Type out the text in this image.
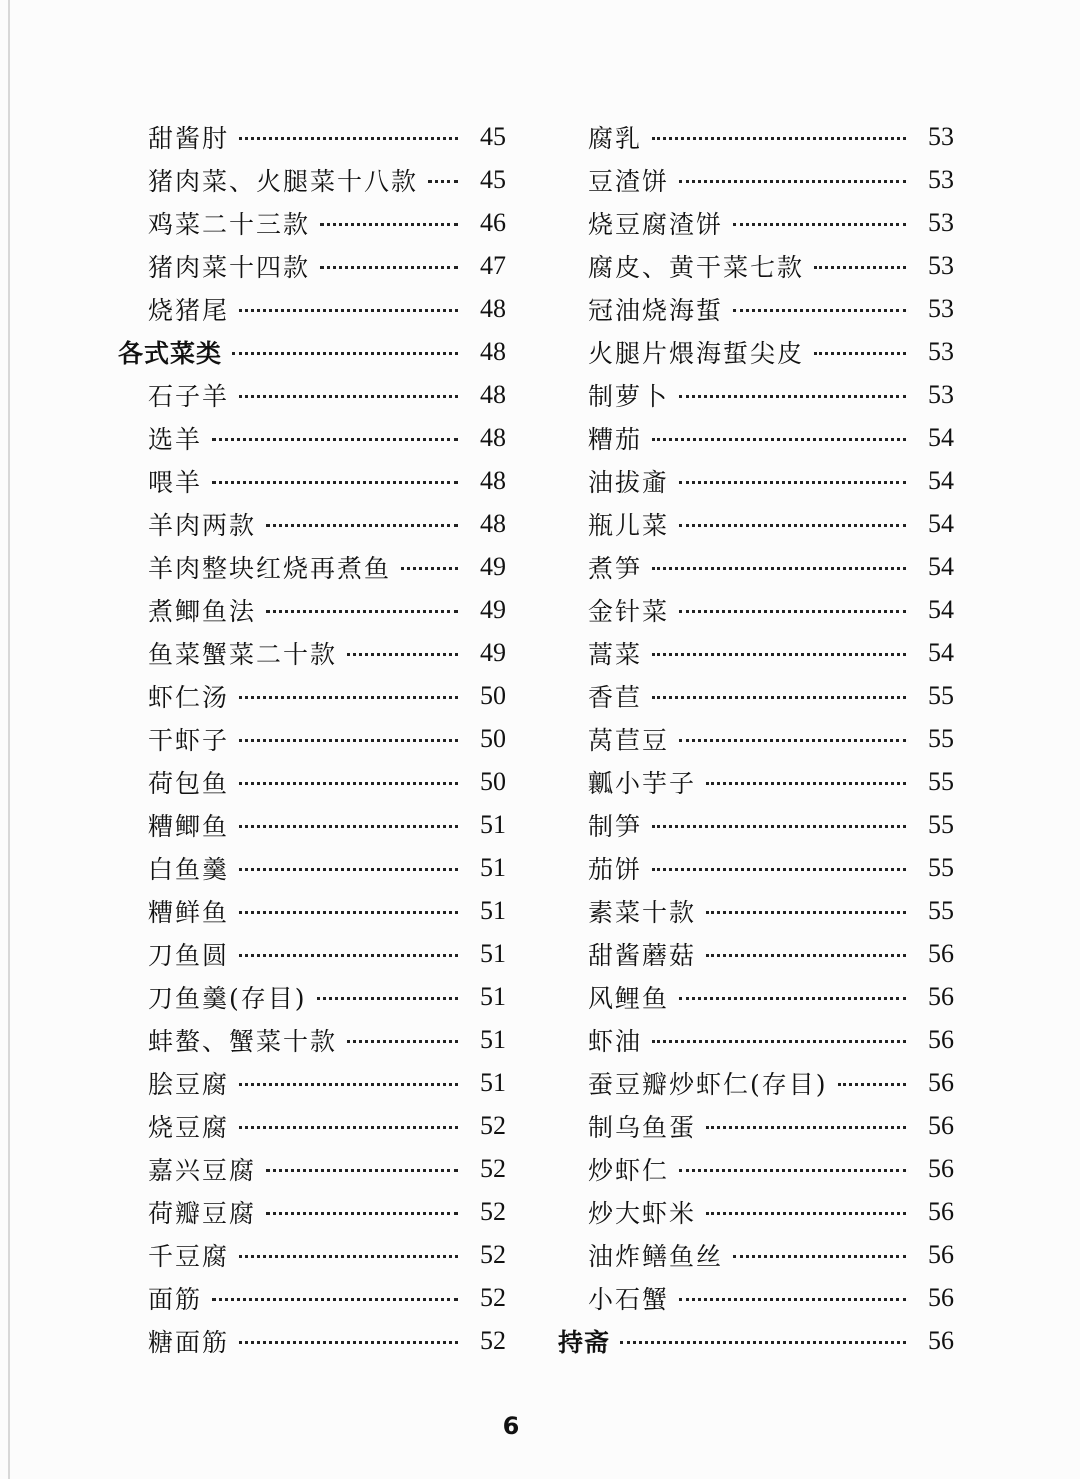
甜酱肘	45
猪肉菜、火腿菜十八款	45
鸡菜二十三款	46
猪肉菜十四款	47
烧猪尾	48
各式菜类	48
石子羊	48
选羊	48
喂羊	48
羊肉两款	48
羊肉整块红烧再煮鱼	49
煮鲫鱼法	49
鱼菜蟹菜二十款	49
虾仁汤	50
干虾子	50
荷包鱼	50
糟鲫鱼	51
白鱼羹	51
糟鲜鱼	51
刀鱼圆	51
刀鱼羹(存目)	51
蚌螯、蟹菜十款	51
脍豆腐	51
烧豆腐	52
嘉兴豆腐	52
荷瓣豆腐	52
千豆腐	52
面筋	52
糖面筋	52
腐乳	53
豆渣饼	53
烧豆腐渣饼	53
腐皮、黄干菜七款	53
冠油烧海蜇	53
火腿片煨海蜇尖皮	53
制萝卜	53
糟茄	54
油拔齑	54
瓶儿菜	54
煮笋	54
金针菜	54
蒿菜	54
香苣	55
莴苣豆	55
瓤小芋子	55
制笋	55
茄饼	55
素菜十款	55
甜酱蘑菇	56
风鲤鱼	56
虾油	56
蚕豆瓣炒虾仁(存目)	56
制乌鱼蛋	56
炒虾仁	56
炒大虾米	56
油炸鳝鱼丝	56
小石蟹	56
持斋	56
6
